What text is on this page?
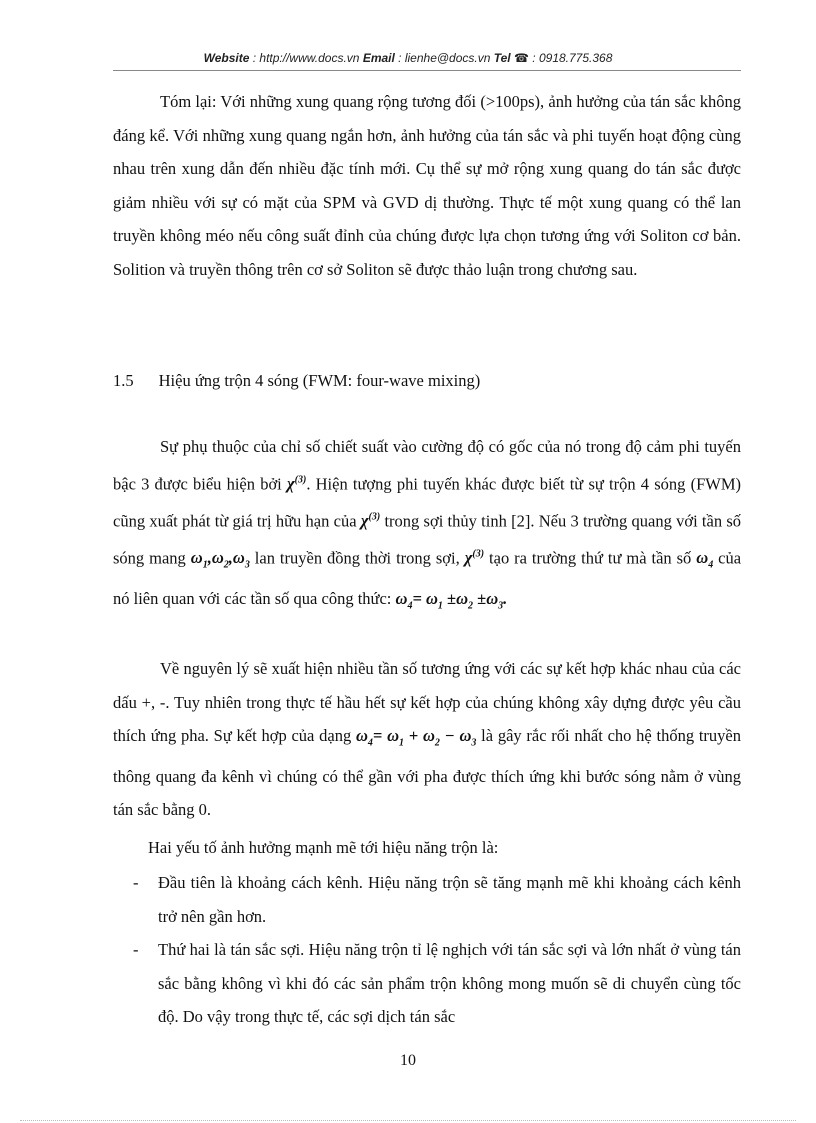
Website : http://www.docs.vn Email : lienhe@docs.vn Tel ☎ : 0918.775.368
Tóm lại: Với những xung quang rộng tương đối (>100ps), ảnh hưởng của tán sắc không đáng kể. Với những xung quang ngắn hơn, ảnh hưởng của tán sắc và phi tuyến hoạt động cùng nhau trên xung dẫn đến nhiều đặc tính mới. Cụ thể sự mở rộng xung quang do tán sắc được giảm nhiều với sự có mặt của SPM và GVD dị thường. Thực tế một xung quang có thể lan truyền không méo nếu công suất đỉnh của chúng được lựa chọn tương ứng với Soliton cơ bản. Solition và truyền thông trên cơ sở Soliton sẽ được thảo luận trong chương sau.
1.5 Hiệu ứng trộn 4 sóng (FWM: four-wave mixing)
Sự phụ thuộc của chỉ số chiết suất vào cường độ có gốc của nó trong độ cảm phi tuyến bậc 3 được biểu hiện bởi $\chi^{(3)}$. Hiện tượng phi tuyến khác được biết từ sự trộn 4 sóng (FWM) cũng xuất phát từ giá trị hữu hạn của $\chi^{(3)}$ trong sợi thủy tinh [2]. Nếu 3 trường quang với tần số sóng mang $\omega_1,\omega_2,\omega_3$ lan truyền đồng thời trong sợi, $\chi^{(3)}$ tạo ra trường thứ tư mà tần số $\omega_4$ của nó liên quan với các tần số qua công thức: $\omega_4= \omega_1 \pm\omega_2 \pm\omega_3$.
Về nguyên lý sẽ xuất hiện nhiều tần số tương ứng với các sự kết hợp khác nhau của các dấu +, -. Tuy nhiên trong thực tế hầu hết sự kết hợp của chúng không xây dựng được yêu cầu thích ứng pha. Sự kết hợp của dạng $\omega_4= \omega_1 + \omega_2 - \omega_3$ là gây rắc rối nhất cho hệ thống truyền thông quang đa kênh vì chúng có thể gần với pha được thích ứng khi bước sóng nằm ở vùng tán sắc bằng 0.
Hai yếu tố ảnh hưởng mạnh mẽ tới hiệu năng trộn là:
- Đầu tiên là khoảng cách kênh. Hiệu năng trộn sẽ tăng mạnh mẽ khi khoảng cách kênh trở nên gần hơn.
- Thứ hai là tán sắc sợi. Hiệu năng trộn tỉ lệ nghịch với tán sắc sợi và lớn nhất ở vùng tán sắc bằng không vì khi đó các sản phẩm trộn không mong muốn sẽ di chuyển cùng tốc độ. Do vậy trong thực tế, các sợi dịch tán sắc
10
